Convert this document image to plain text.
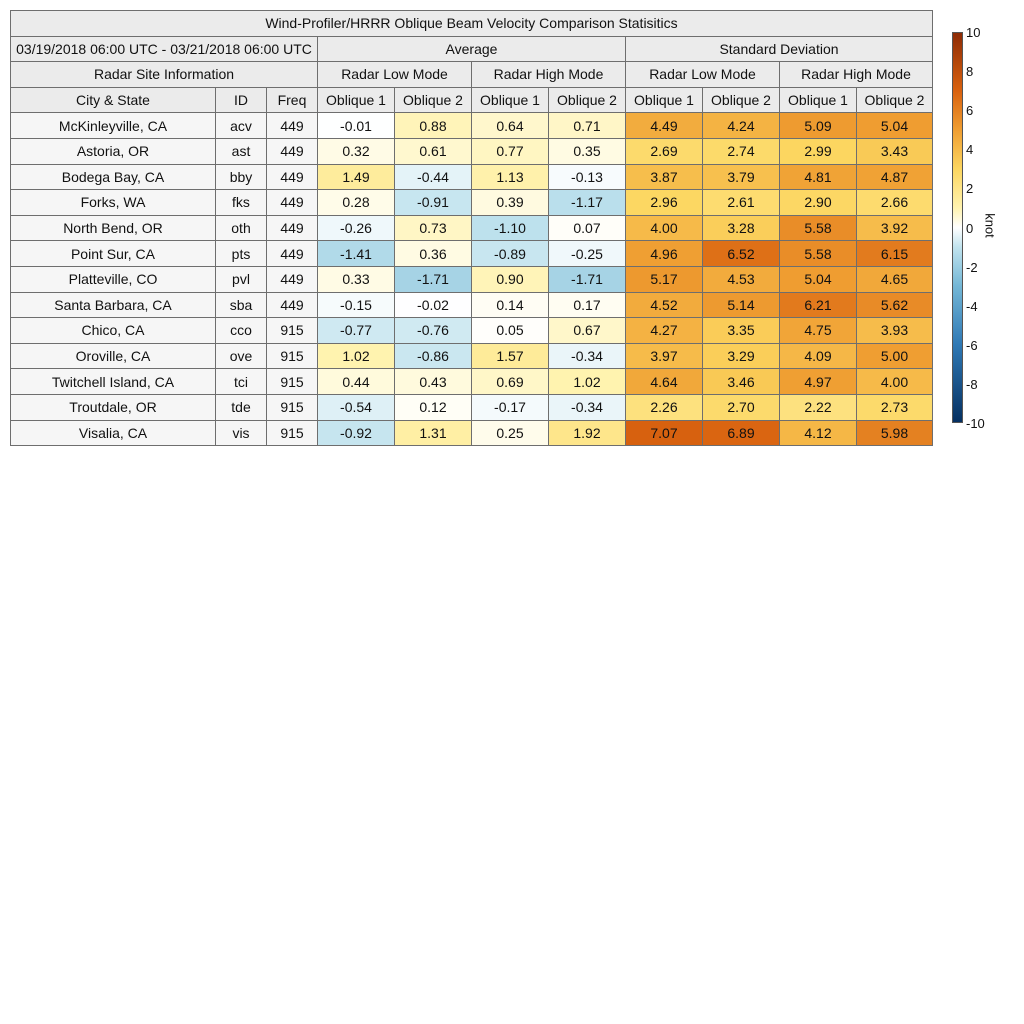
Wind-Profiler/HRRR Oblique Beam Velocity Comparison Statisitics										
03/19/2018 06:00 UTC - 03/21/2018 06:00 UTC			Average				Standard Deviation			
Radar Site Information			Radar Low Mode		Radar High Mode		Radar Low Mode		Radar High Mode	
City & State	ID	Freq	Oblique 1	Oblique 2	Oblique 1	Oblique 2	Oblique 1	Oblique 2	Oblique 1	Oblique 2
McKinleyville, CA	acv	449	-0.01	0.88	0.64	0.71	4.49	4.24	5.09	5.04
Astoria, OR	ast	449	0.32	0.61	0.77	0.35	2.69	2.74	2.99	3.43
Bodega Bay, CA	bby	449	1.49	-0.44	1.13	-0.13	3.87	3.79	4.81	4.87
Forks, WA	fks	449	0.28	-0.91	0.39	-1.17	2.96	2.61	2.90	2.66
North Bend, OR	oth	449	-0.26	0.73	-1.10	0.07	4.00	3.28	5.58	3.92
Point Sur, CA	pts	449	-1.41	0.36	-0.89	-0.25	4.96	6.52	5.58	6.15
Platteville, CO	pvl	449	0.33	-1.71	0.90	-1.71	5.17	4.53	5.04	4.65
Santa Barbara, CA	sba	449	-0.15	-0.02	0.14	0.17	4.52	5.14	6.21	5.62
Chico, CA	cco	915	-0.77	-0.76	0.05	0.67	4.27	3.35	4.75	3.93
Oroville, CA	ove	915	1.02	-0.86	1.57	-0.34	3.97	3.29	4.09	5.00
Twitchell Island, CA	tci	915	0.44	0.43	0.69	1.02	4.64	3.46	4.97	4.00
Troutdale, OR	tde	915	-0.54	0.12	-0.17	-0.34	2.26	2.70	2.22	2.73
Visalia, CA	vis	915	-0.92	1.31	0.25	1.92	7.07	6.89	4.12	5.98
10
8
6
4
2
0
-2
-4
-6
-8
-10
knot
